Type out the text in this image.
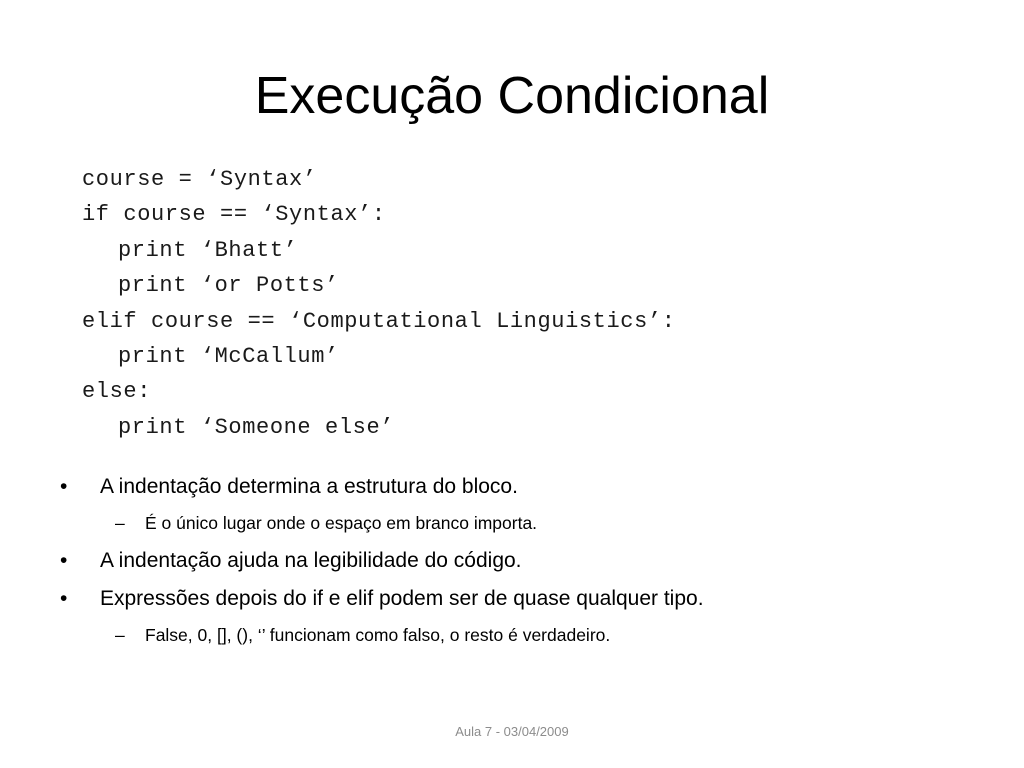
Execução Condicional
course = ‘Syntax’
if course == ‘Syntax’:
print ‘Bhatt’
print ‘or Potts’
elif course == ‘Computational Linguistics’:
print ‘McCallum’
else:
print ‘Someone else’
• A indentação determina a estrutura do bloco.
– É o único lugar onde o espaço em branco importa.
• A indentação ajuda na legibilidade do código.
• Expressões depois do if e elif podem ser de quase qualquer tipo.
– False, 0, [], (), ‘’ funcionam como falso, o resto é verdadeiro.
Aula 7 - 03/04/2009
